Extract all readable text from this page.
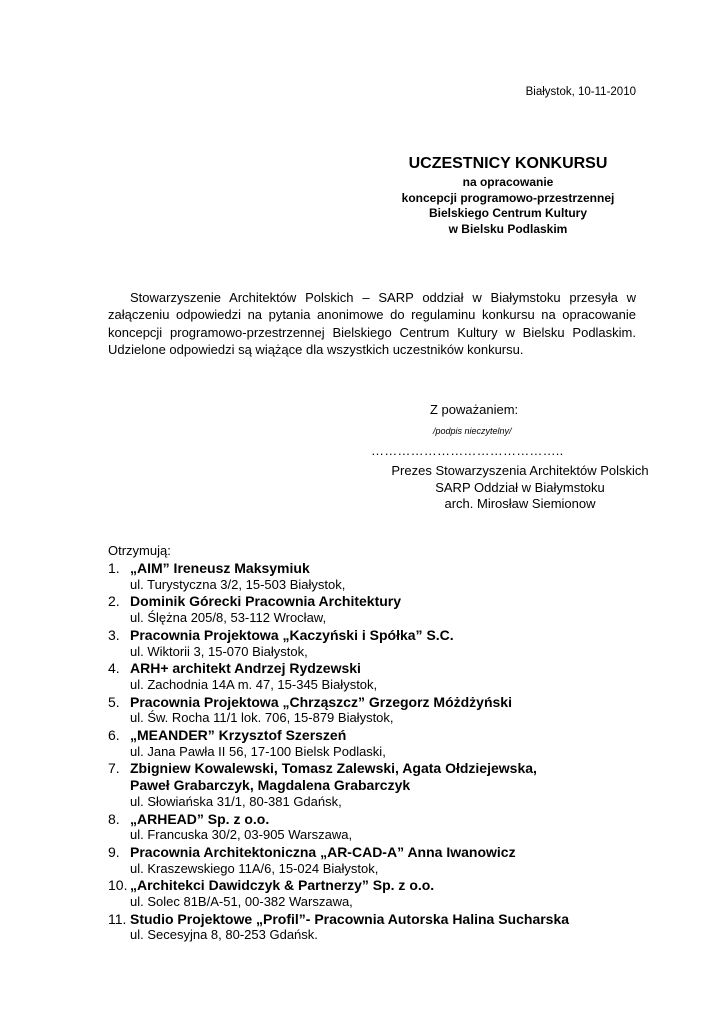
Białystok, 10-11-2010
UCZESTNICY KONKURSU
na opracowanie
koncepcji programowo-przestrzennej
Bielskiego Centrum Kultury
w Bielsku Podlaskim
Stowarzyszenie Architektów Polskich – SARP oddział w Białymstoku przesyła w załączeniu odpowiedzi na pytania anonimowe do regulaminu konkursu na opracowanie koncepcji programowo-przestrzennej Bielskiego Centrum Kultury w Bielsku Podlaskim. Udzielone odpowiedzi są wiążące dla wszystkich uczestników konkursu.
Z poważaniem:
/podpis nieczytelny/
……………………………………..
Prezes Stowarzyszenia Architektów Polskich
SARP Oddział w Białymstoku
arch. Mirosław Siemionow
Otrzymują:
1. „AIM” Ireneusz Maksymiuk
ul. Turystyczna 3/2, 15-503 Białystok,
2. Dominik Górecki Pracownia Architektury
ul. Ślężna 205/8, 53-112 Wrocław,
3. Pracownia Projektowa „Kaczyński i Spółka” S.C.
ul. Wiktorii 3, 15-070 Białystok,
4. ARH+ architekt Andrzej Rydzewski
ul. Zachodnia 14A m. 47, 15-345 Białystok,
5. Pracownia Projektowa „Chrząszcz” Grzegorz Móżdżyński
ul. Św. Rocha 11/1 lok. 706, 15-879 Białystok,
6. „MEANDER” Krzysztof Szerszeń
ul. Jana Pawła II 56, 17-100 Bielsk Podlaski,
7. Zbigniew Kowalewski, Tomasz Zalewski, Agata Ołdziejewska,
Paweł Grabarczyk, Magdalena Grabarczyk
ul. Słowiańska 31/1, 80-381 Gdańsk,
8. „ARHEAD” Sp. z o.o.
ul. Francuska 30/2, 03-905 Warszawa,
9. Pracownia Architektoniczna „AR-CAD-A” Anna Iwanowicz
ul. Kraszewskiego 11A/6, 15-024 Białystok,
10. „Architekci Dawidczyk & Partnerzy” Sp. z o.o.
ul. Solec 81B/A-51, 00-382 Warszawa,
11. Studio Projektowe „Profil”- Pracownia Autorska Halina Sucharska
ul. Secesyjna 8, 80-253 Gdańsk.
